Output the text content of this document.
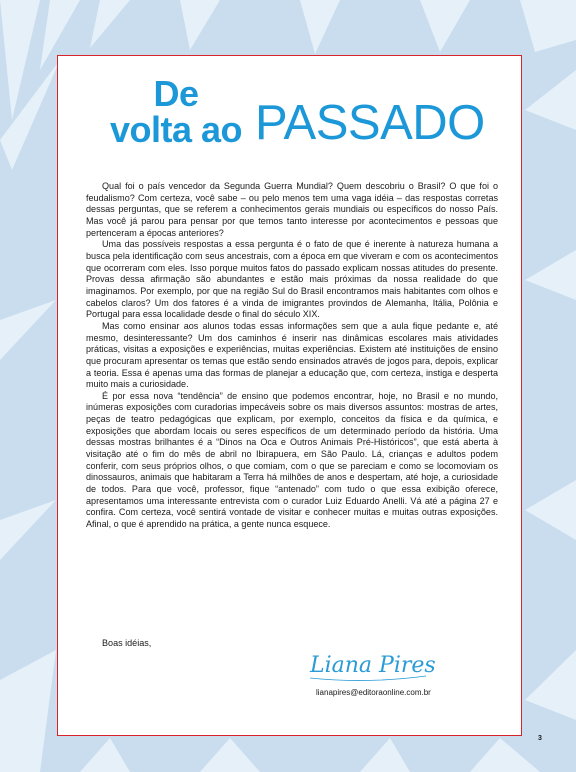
De
volta ao PASSADO

Qual foi o país vencedor da Segunda Guerra Mundial? Quem descobriu o Brasil? O que foi o feudalismo? Com certeza, você sabe – ou pelo menos tem uma vaga idéia – das respostas corretas dessas perguntas, que se referem a conhecimentos gerais mundiais ou específicos do nosso País. Mas você já parou para pensar por que temos tanto interesse por acontecimentos e pessoas que pertenceram a épocas anteriores?

Uma das possíveis respostas a essa pergunta é o fato de que é inerente à natureza humana a busca pela identificação com seus ancestrais, com a época em que viveram e com os acontecimentos que ocorreram com eles. Isso porque muitos fatos do passado explicam nossas atitudes do presente. Provas dessa afirmação são abundantes e estão mais próximas da nossa realidade do que imaginamos. Por exemplo, por que na região Sul do Brasil encontramos mais habitantes com olhos e cabelos claros? Um dos fatores é a vinda de imigrantes provindos de Alemanha, Itália, Polônia e Portugal para essa localidade desde o final do século XIX.

Mas como ensinar aos alunos todas essas informações sem que a aula fique pedante e, até mesmo, desinteressante? Um dos caminhos é inserir nas dinâmicas escolares mais atividades práticas, visitas a exposições e experiências, muitas experiências. Existem até instituições de ensino que procuram apresentar os temas que estão sendo ensinados através de jogos para, depois, explicar a teoria. Essa é apenas uma das formas de planejar a educação que, com certeza, instiga e desperta muito mais a curiosidade.

É por essa nova “tendência” de ensino que podemos encontrar, hoje, no Brasil e no mundo, inúmeras exposições com curadorias impecáveis sobre os mais diversos assuntos: mostras de artes, peças de teatro pedagógicas que explicam, por exemplo, conceitos da física e da química, e exposições que abordam locais ou seres específicos de um determinado período da história. Uma dessas mostras brilhantes é a “Dinos na Oca e Outros Animais Pré-Históricos”, que está aberta à visitação até o fim do mês de abril no Ibirapuera, em São Paulo. Lá, crianças e adultos podem conferir, com seus próprios olhos, o que comiam, com o que se pareciam e como se locomoviam os dinossauros, animais que habitaram a Terra há milhões de anos e despertam, até hoje, a curiosidade de todos. Para que você, professor, fique “antenado” com tudo o que essa exibição oferece, apresentamos uma interessante entrevista com o curador Luiz Eduardo Anelli. Vá até a página 27 e confira. Com certeza, você sentirá vontade de visitar e conhecer muitas e muitas outras exposições. Afinal, o que é aprendido na prática, a gente nunca esquece.

Boas idéias,
Liana Pires
lianapires@editoraonline.com.br
3
